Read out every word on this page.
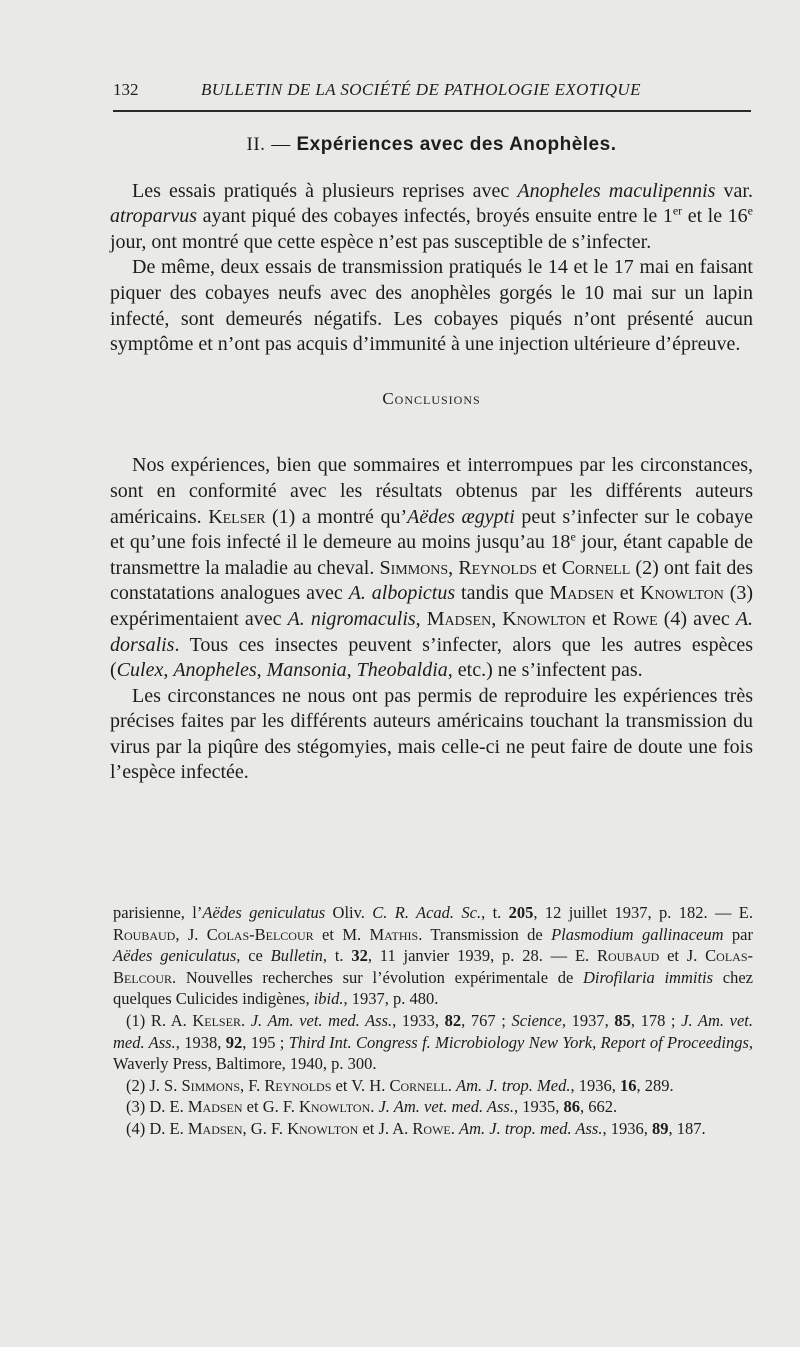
132	BULLETIN DE LA SOCIÉTÉ DE PATHOLOGIE EXOTIQUE
II. — Expériences avec des Anophèles.

Les essais pratiqués à plusieurs reprises avec Anopheles maculipennis var. atroparvus ayant piqué des cobayes infectés, broyés ensuite entre le 1er et le 16e jour, ont montré que cette espèce n’est pas susceptible de s’infecter.

De même, deux essais de transmission pratiqués le 14 et le 17 mai en faisant piquer des cobayes neufs avec des anophèles gorgés le 10 mai sur un lapin infecté, sont demeurés négatifs. Les cobayes piqués n’ont présenté aucun symptôme et n’ont pas acquis d’immunité à une injection ultérieure d’épreuve.

Conclusions

Nos expériences, bien que sommaires et interrompues par les circonstances, sont en conformité avec les résultats obtenus par les différents auteurs américains. Kelser (1) a montré qu’Aëdes ægypti peut s’infecter sur le cobaye et qu’une fois infecté il le demeure au moins jusqu’au 18e jour, étant capable de transmettre la maladie au cheval. Simmons, Reynolds et Cornell (2) ont fait des constatations analogues avec A. albopictus tandis que Madsen et Knowlton (3) expérimentaient avec A. nigromaculis, Madsen, Knowlton et Rowe (4) avec A. dorsalis. Tous ces insectes peuvent s’infecter, alors que les autres espèces (Culex, Anopheles, Mansonia, Theobaldia, etc.) ne s’infectent pas.

Les circonstances ne nous ont pas permis de reproduire les expériences très précises faites par les différents auteurs américains touchant la transmission du virus par la piqûre des stégomyies, mais celle-ci ne peut faire de doute une fois l’espèce infectée.

parisienne, l’Aëdes geniculatus Oliv. C. R. Acad. Sc., t. 205, 12 juillet 1937, p. 182. — E. Roubaud, J. Colas-Belcour et M. Mathis. Transmission de Plasmodium gallinaceum par Aëdes geniculatus, ce Bulletin, t. 32, 11 janvier 1939, p. 28. — E. Roubaud et J. Colas-Belcour. Nouvelles recherches sur l’évolution expérimentale de Dirofilaria immitis chez quelques Culicides indigènes, ibid., 1937, p. 480.

(1) R. A. Kelser. J. Am. vet. med. Ass., 1933, 82, 767 ; Science, 1937, 85, 178 ; J. Am. vet. med. Ass., 1938, 92, 195 ; Third Int. Congress f. Microbiology New York, Report of Proceedings, Waverly Press, Baltimore, 1940, p. 300.

(2) J. S. Simmons, F. Reynolds et V. H. Cornell. Am. J. trop. Med., 1936, 16, 289.

(3) D. E. Madsen et G. F. Knowlton. J. Am. vet. med. Ass., 1935, 86, 662.

(4) D. E. Madsen, G. F. Knowlton et J. A. Rowe. Am. J. trop. med. Ass., 1936, 89, 187.
